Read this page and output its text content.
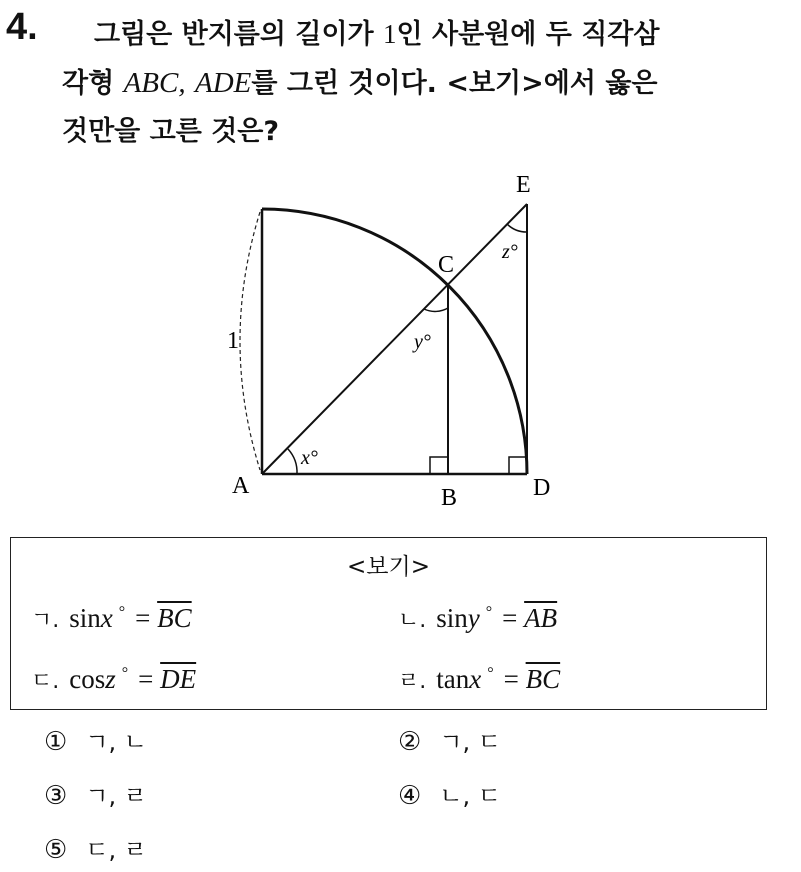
4.	그림은 반지름의 길이가 1인 사분원에 두 직각삼
각형 ABC, ADE를 그린 것이다. <보기>에서 옳은
것만을 고른 것은?
A	B
C
D
E
1
x°
y°
z°
<보기>
ㄱ. sinx $^\circ = \overline{BC}$	ㄴ. siny $^\circ = \overline{AB}$
ㄷ. cosz $^\circ = \overline{DE}$	ㄹ. tanx $^\circ = \overline{BC}$
① ㄱ, ㄴ	② ㄱ, ㄷ
③ ㄱ, ㄹ	④ ㄴ, ㄷ
⑤ ㄷ, ㄹ
